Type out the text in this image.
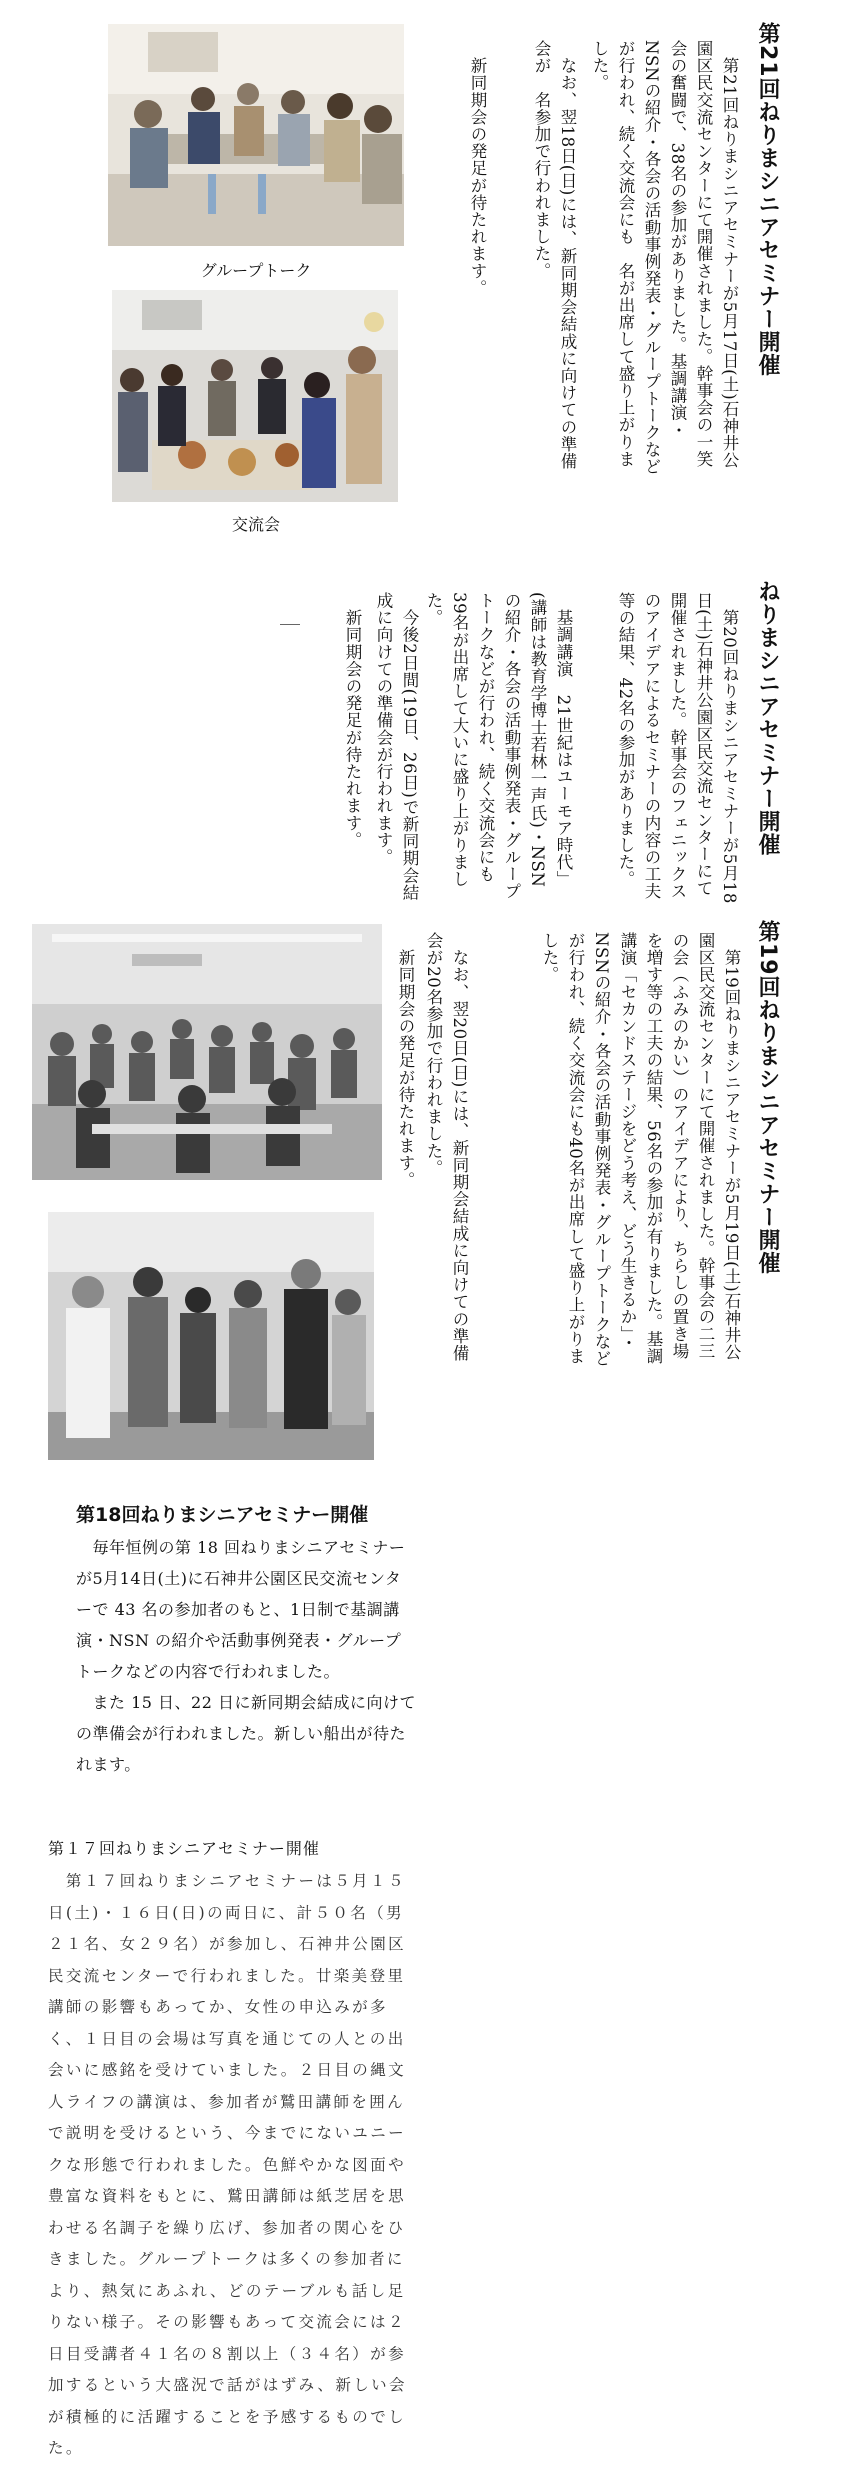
第21回ねりまシニアセミナー開催
　第21回ねりまシニアセミナーが5月17日(土)石神井公園区民交流センターにて開催されました。幹事会の一笑会の奮闘で、38名の参加がありました。基調講演・NSNの紹介・各会の活動事例発表・グループトークなどが行われ、続く交流会にも　名が出席して盛り上がりました。
　なお、翌18日(日)には、新同期会結成に向けての準備会が　名参加で行われました。
　新同期会の発足が待たれます。
グループトーク
交流会
ねりまシニアセミナー開催
　第20回ねりまシニアセミナーが5月18日(土)石神井公園区民交流センターにて開催されました。幹事会のフェニックスのアイデアによるセミナーの内容の工夫等の結果、42名の参加がありました。
　基調講演　21世紀はユーモア時代」(講師は教育学博士若林一声氏)・NSNの紹介・各会の活動事例発表・グループトークなどが行われ、続く交流会にも39名が出席して大いに盛り上がりました。
　今後2日間(19日、26日)で新同期会結成に向けての準備会が行われます。
　新同期会の発足が待たれます。
第19回ねりまシニアセミナー開催
　第19回ねりまシニアセミナーが5月19日(土)石神井公園区民交流センターにて開催されました。幹事会の二三の会（ふみのかい）のアイデアにより、ちらしの置き場を増す等の工夫の結果、56名の参加が有りました。基調講演「セカンドステージをどう考え、どう生きるか」・NSNの紹介・各会の活動事例発表・グループトークなどが行われ、続く交流会にも40名が出席して盛り上がりました。
　なお、翌20日(日)には、新同期会結成に向けての準備会が20名参加で行われました。
　新同期会の発足が待たれます。
第18回ねりまシニアセミナー開催
　毎年恒例の第 18 回ねりまシニアセミナーが5月14日(土)に石神井公園区民交流センターで 43 名の参加者のもと、1日制で基調講演・NSN の紹介や活動事例発表・グループトークなどの内容で行われました。
　また 15 日、22 日に新同期会結成に向けての準備会が行われました。新しい船出が待たれます。
第１７回ねりまシニアセミナー開催
　第１７回ねりまシニアセミナーは５月１５日(土)・１６日(日)の両日に、計５０名（男２１名、女２９名）が参加し、石神井公園区民交流センターで行われました。廿楽美登里講師の影響もあってか、女性の申込みが多く、１日目の会場は写真を通じての人との出会いに感銘を受けていました。２日目の縄文人ライフの講演は、参加者が鷲田講師を囲んで説明を受けるという、今までにないユニークな形態で行われました。色鮮やかな図面や豊富な資料をもとに、鷲田講師は紙芝居を思わせる名調子を繰り広げ、参加者の関心をひきました。グループトークは多くの参加者により、熱気にあふれ、どのテーブルも話し足りない様子。その影響もあって交流会には２日目受講者４１名の８割以上（３４名）が参加するという大盛況で話がはずみ、新しい会が積極的に活躍することを予感するものでした。
